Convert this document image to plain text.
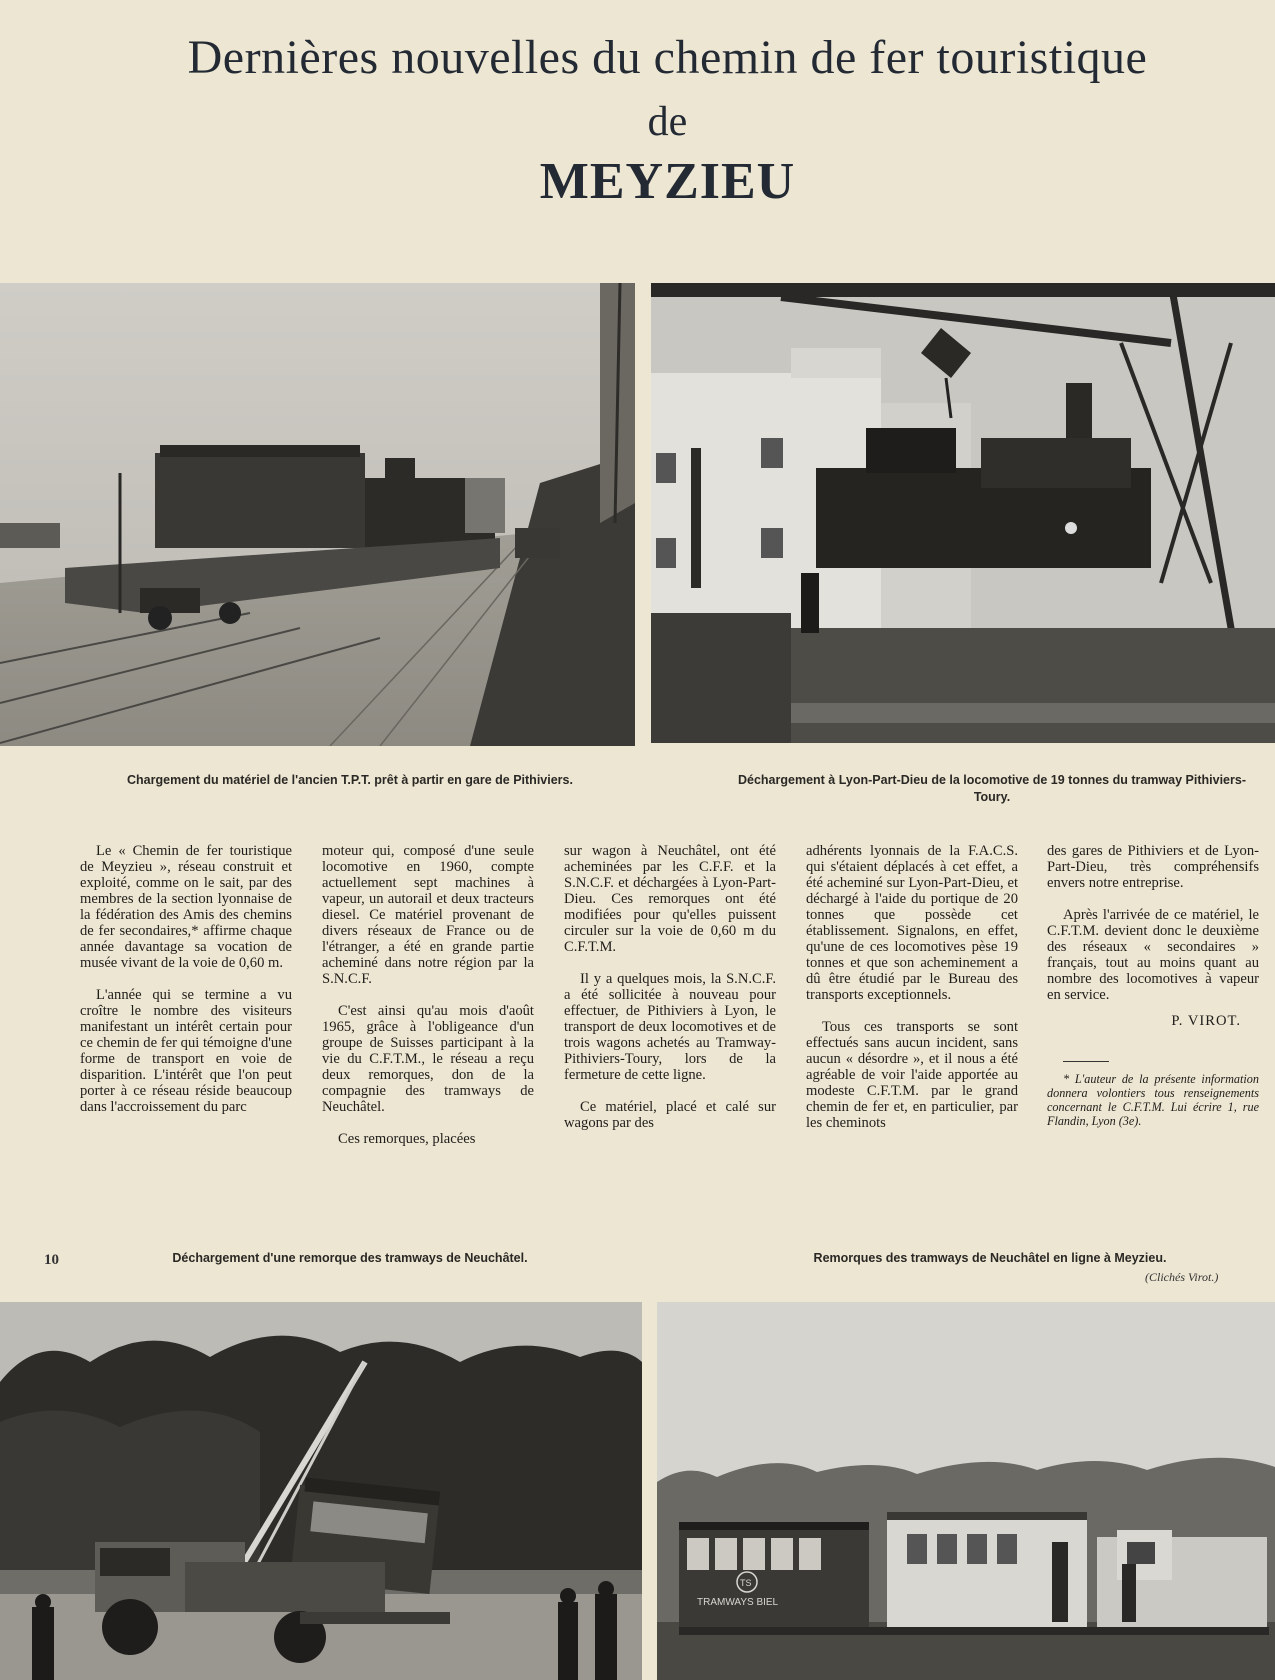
Dernières nouvelles du chemin de fer touristique
de
MEYZIEU

Chargement du matériel de l'ancien T.P.T. prêt à partir en gare de Pithiviers.	Déchargement à Lyon-Part-Dieu de la locomotive de 19 tonnes du tramway Pithiviers-Toury.

Le « Chemin de fer touristique de Meyzieu », réseau construit et exploité, comme on le sait, par des membres de la section lyonnaise de la fédération des Amis des chemins de fer secondaires,* affirme chaque année davantage sa vocation de musée vivant de la voie de 0,60 m.

L'année qui se termine a vu croître le nombre des visiteurs manifestant un intérêt certain pour ce chemin de fer qui témoigne d'une forme de transport en voie de disparition. L'intérêt que l'on peut porter à ce réseau réside beaucoup dans l'accroissement du parc

moteur qui, composé d'une seule locomotive en 1960, compte actuellement sept machines à vapeur, un autorail et deux tracteurs diesel. Ce matériel provenant de divers réseaux de France ou de l'étranger, a été en grande partie acheminé dans notre région par la S.N.C.F.

C'est ainsi qu'au mois d'août 1965, grâce à l'obligeance d'un groupe de Suisses participant à la vie du C.F.T.M., le réseau a reçu deux remorques, don de la compagnie des tramways de Neuchâtel.

Ces remorques, placées

sur wagon à Neuchâtel, ont été acheminées par les C.F.F. et la S.N.C.F. et déchargées à Lyon-Part-Dieu. Ces remorques ont été modifiées pour qu'elles puissent circuler sur la voie de 0,60 m du C.F.T.M.

Il y a quelques mois, la S.N.C.F. a été sollicitée à nouveau pour effectuer, de Pithiviers à Lyon, le transport de deux locomotives et de trois wagons achetés au Tramway-Pithiviers-Toury, lors de la fermeture de cette ligne.

Ce matériel, placé et calé sur wagons par des

adhérents lyonnais de la F.A.C.S. qui s'étaient déplacés à cet effet, a été acheminé sur Lyon-Part-Dieu, et déchargé à l'aide du portique de 20 tonnes que possède cet établissement. Signalons, en effet, qu'une de ces locomotives pèse 19 tonnes et que son acheminement a dû être étudié par le Bureau des transports exceptionnels.

Tous ces transports se sont effectués sans aucun incident, sans aucun « désordre », et il nous a été agréable de voir l'aide apportée au modeste C.F.T.M. par le grand chemin de fer et, en particulier, par les cheminots

des gares de Pithiviers et de Lyon-Part-Dieu, très compréhensifs envers notre entreprise.

Après l'arrivée de ce matériel, le C.F.T.M. devient donc le deuxième des réseaux « secondaires » français, tout au moins quant au nombre des locomotives à vapeur en service.

P. VIROT.

* L'auteur de la présente information donnera volontiers tous renseignements concernant le C.F.T.M. Lui écrire 1, rue Flandin, Lyon (3e).

10	Déchargement d'une remorque des tramways de Neuchâtel.	Remorques des tramways de Neuchâtel en ligne à Meyzieu.

(Clichés Virot.)

TRAMWAYS BIEL
TS
